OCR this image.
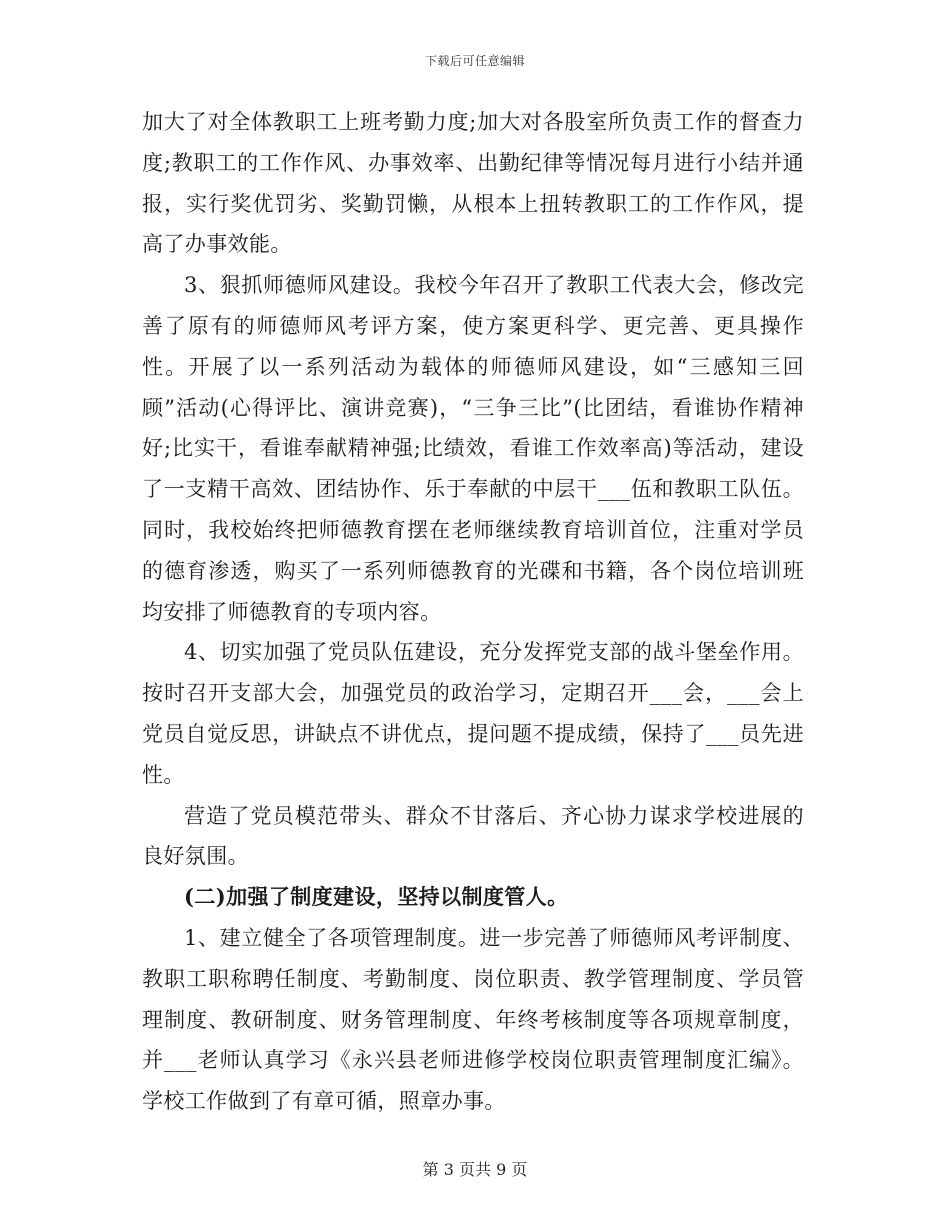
下载后可任意编辑

加大了对全体教职工上班考勤力度;加大对各股室所负责工作的督查力度;教职工的工作作风、办事效率、出勤纪律等情况每月进行小结并通报，实行奖优罚劣、奖勤罚懒，从根本上扭转教职工的工作作风，提高了办事效能。

3、狠抓师德师风建设。我校今年召开了教职工代表大会，修改完善了原有的师德师风考评方案，使方案更科学、更完善、更具操作性。开展了以一系列活动为载体的师德师风建设，如“三感知三回顾”活动(心得评比、演讲竞赛)，“三争三比”(比团结，看谁协作精神好;比实干，看谁奉献精神强;比绩效，看谁工作效率高)等活动，建设了一支精干高效、团结协作、乐于奉献的中层干___伍和教职工队伍。同时，我校始终把师德教育摆在老师继续教育培训首位，注重对学员的德育渗透，购买了一系列师德教育的光碟和书籍，各个岗位培训班均安排了师德教育的专项内容。

4、切实加强了党员队伍建设，充分发挥党支部的战斗堡垒作用。按时召开支部大会，加强党员的政治学习，定期召开___会，___会上党员自觉反思，讲缺点不讲优点，提问题不提成绩，保持了___员先进性。

营造了党员模范带头、群众不甘落后、齐心协力谋求学校进展的良好氛围。

(二)加强了制度建设，坚持以制度管人。

1、建立健全了各项管理制度。进一步完善了师德师风考评制度、教职工职称聘任制度、考勤制度、岗位职责、教学管理制度、学员管理制度、教研制度、财务管理制度、年终考核制度等各项规章制度，并___老师认真学习《永兴县老师进修学校岗位职责管理制度汇编》。学校工作做到了有章可循，照章办事。

第 3 页共 9 页
